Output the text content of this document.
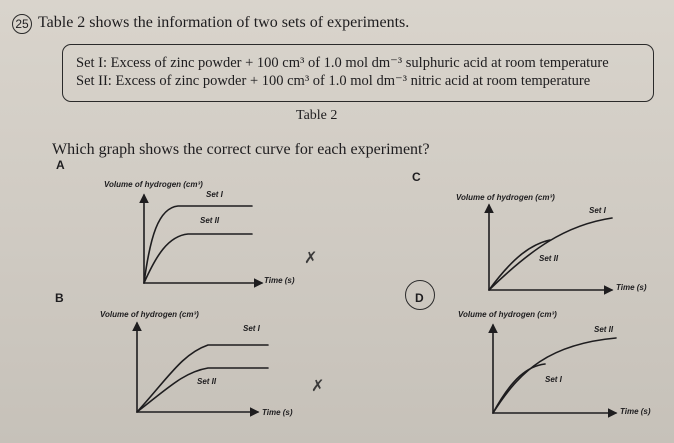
25 Table 2 shows the information of two sets of experiments.
Set I: Excess of zinc powder + 100 cm³ of 1.0 mol dm⁻³ sulphuric acid at room temperature
Set II: Excess of zinc powder + 100 cm³ of 1.0 mol dm⁻³ nitric acid at room temperature
Table 2
Which graph shows the correct curve for each experiment?
A
B
C
D
Volume of hydrogen (cm³)
Set I
Set II
Time (s)
✗
Volume of hydrogen (cm³)
Set I
Set II
Time (s)
✗
Volume of hydrogen (cm³)
Set I
Set II
Time (s)
Volume of hydrogen (cm³)
Set II
Set I
Time (s)
